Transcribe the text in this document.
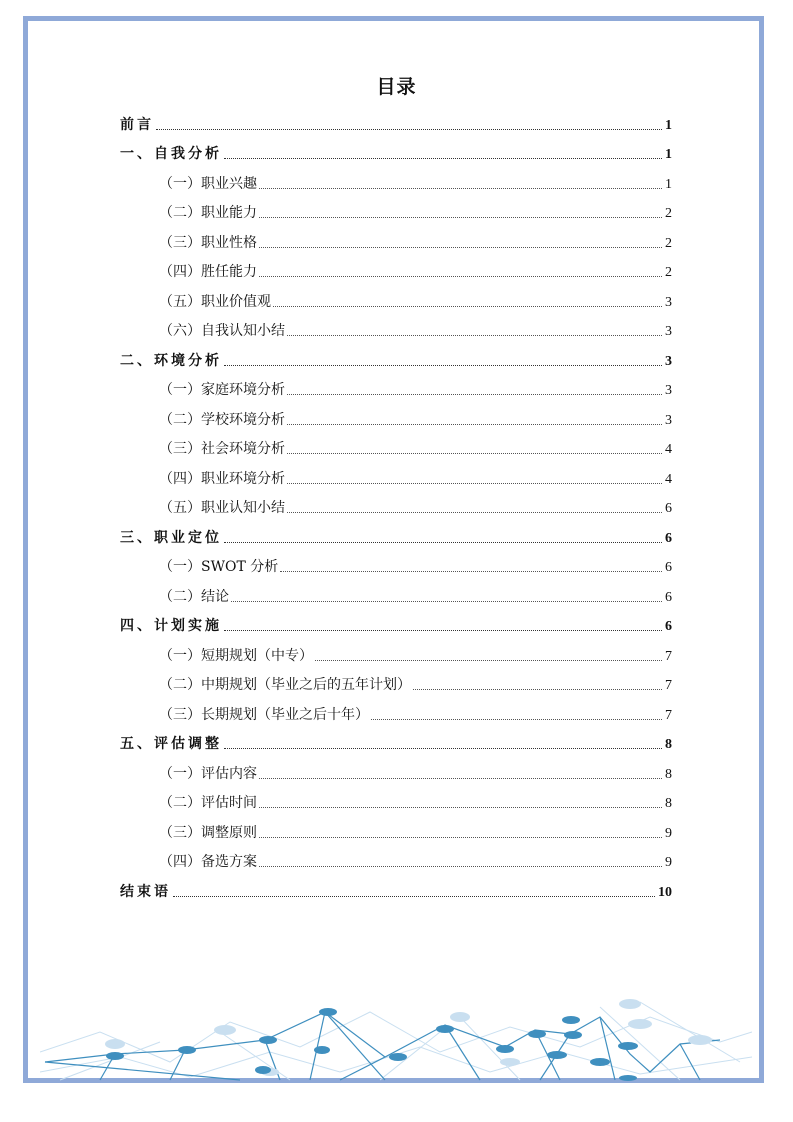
目录
前言	1
一、自我分析	1
（一）职业兴趣	1
（二）职业能力	2
（三）职业性格	2
（四）胜任能力	2
（五）职业价值观	3
（六）自我认知小结	3
二、环境分析	3
（一）家庭环境分析	3
（二）学校环境分析	3
（三）社会环境分析	4
（四）职业环境分析	4
（五）职业认知小结	6
三、职业定位	6
（一）SWOT 分析	6
（二）结论	6
四、计划实施	6
（一）短期规划（中专）	7
（二）中期规划（毕业之后的五年计划）	7
（三）长期规划（毕业之后十年）	7
五、评估调整	8
（一）评估内容	8
（二）评估时间	8
（三）调整原则	9
（四）备选方案	9
结束语	10
